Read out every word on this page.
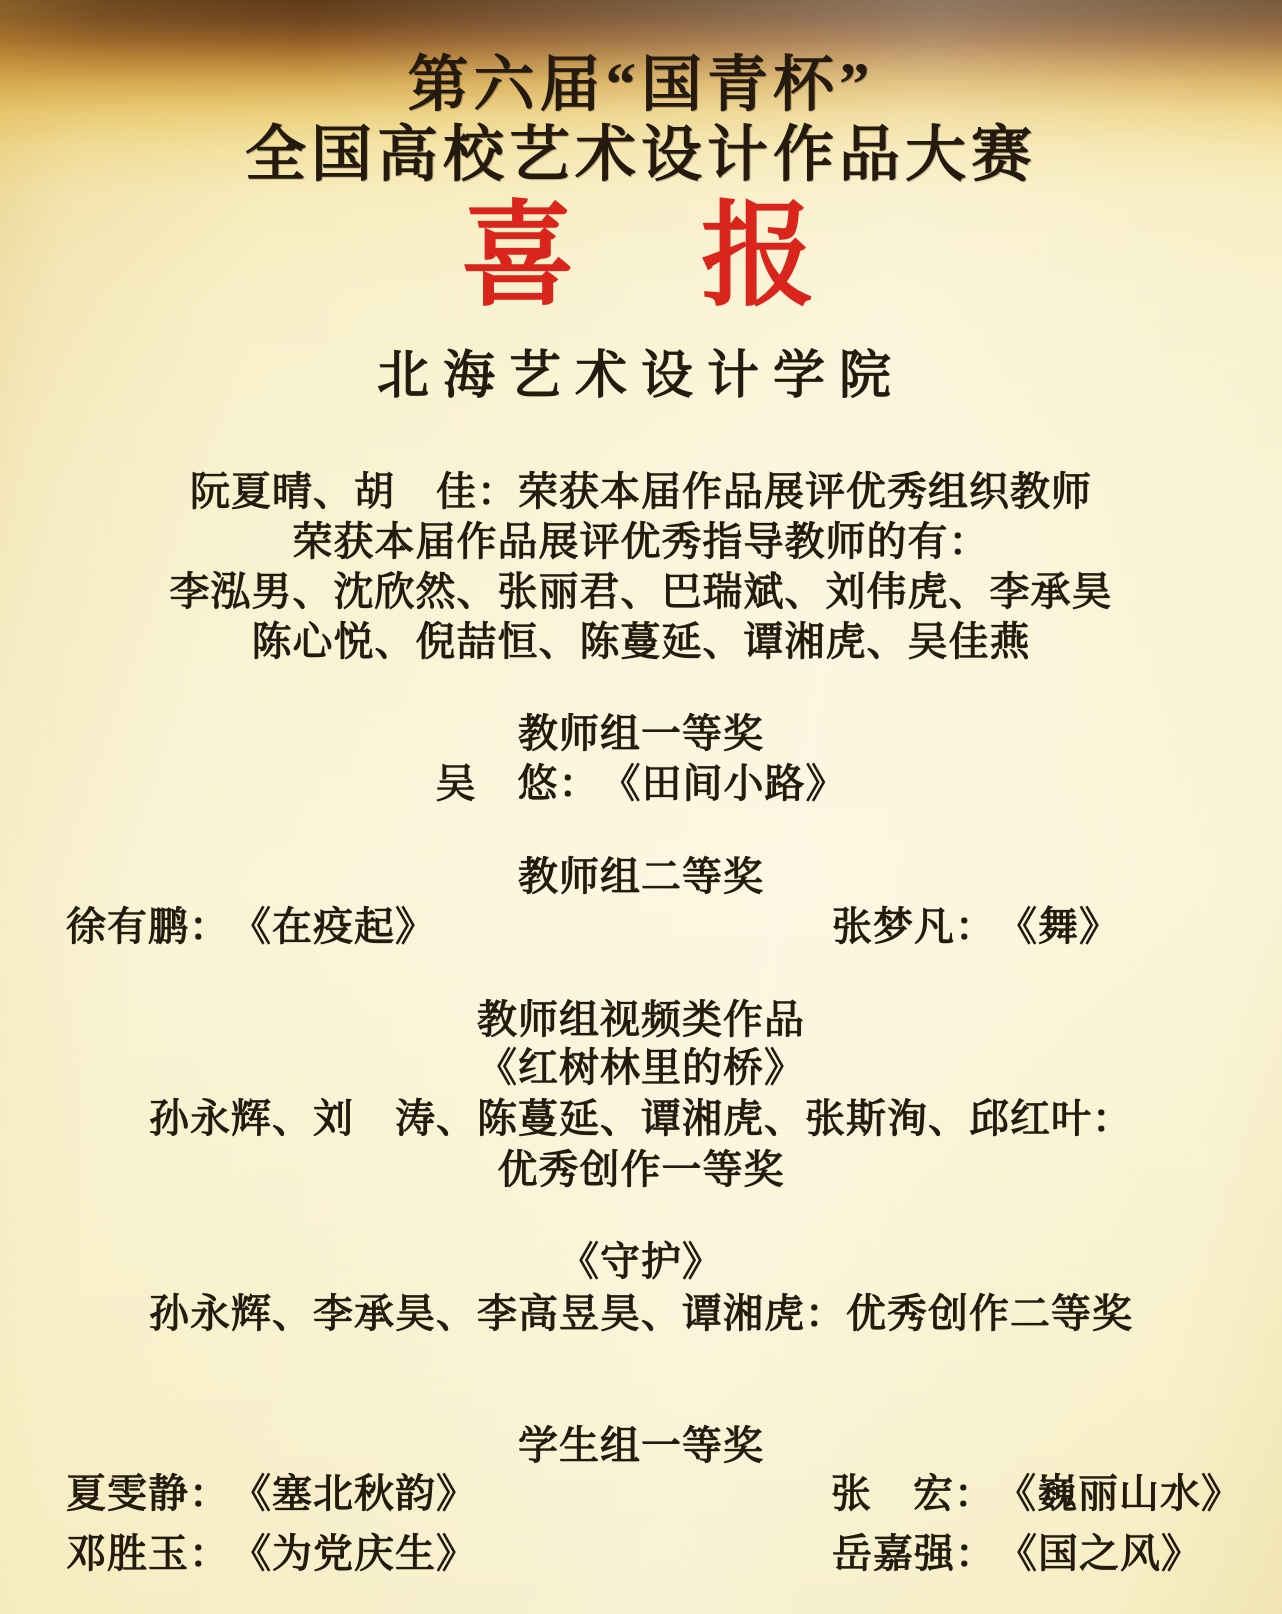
第六届“国青杯”
全国高校艺术设计作品大赛
喜　报
北海艺术设计学院
阮夏晴、胡　佳：荣获本届作品展评优秀组织教师
荣获本届作品展评优秀指导教师的有：
李泓男、沈欣然、张丽君、巴瑞斌、刘伟虎、李承昊
陈心悦、倪喆恒、陈蔓延、谭湘虎、吴佳燕
教师组一等奖
吴　悠：　《田间小路》
教师组二等奖
徐有鹏：　《在疫起》	张梦凡：　《舞》
教师组视频类作品
《红树林里的桥》
孙永辉、刘　涛、陈蔓延、谭湘虎、张斯洵、邱红叶：
优秀创作一等奖
《守护》
孙永辉、李承昊、李高昱昊、谭湘虎：优秀创作二等奖
学生组一等奖
夏雯静：　《塞北秋韵》	张　宏：　《巍丽山水》
邓胜玉：　《为党庆生》	岳嘉强：　《国之风》
